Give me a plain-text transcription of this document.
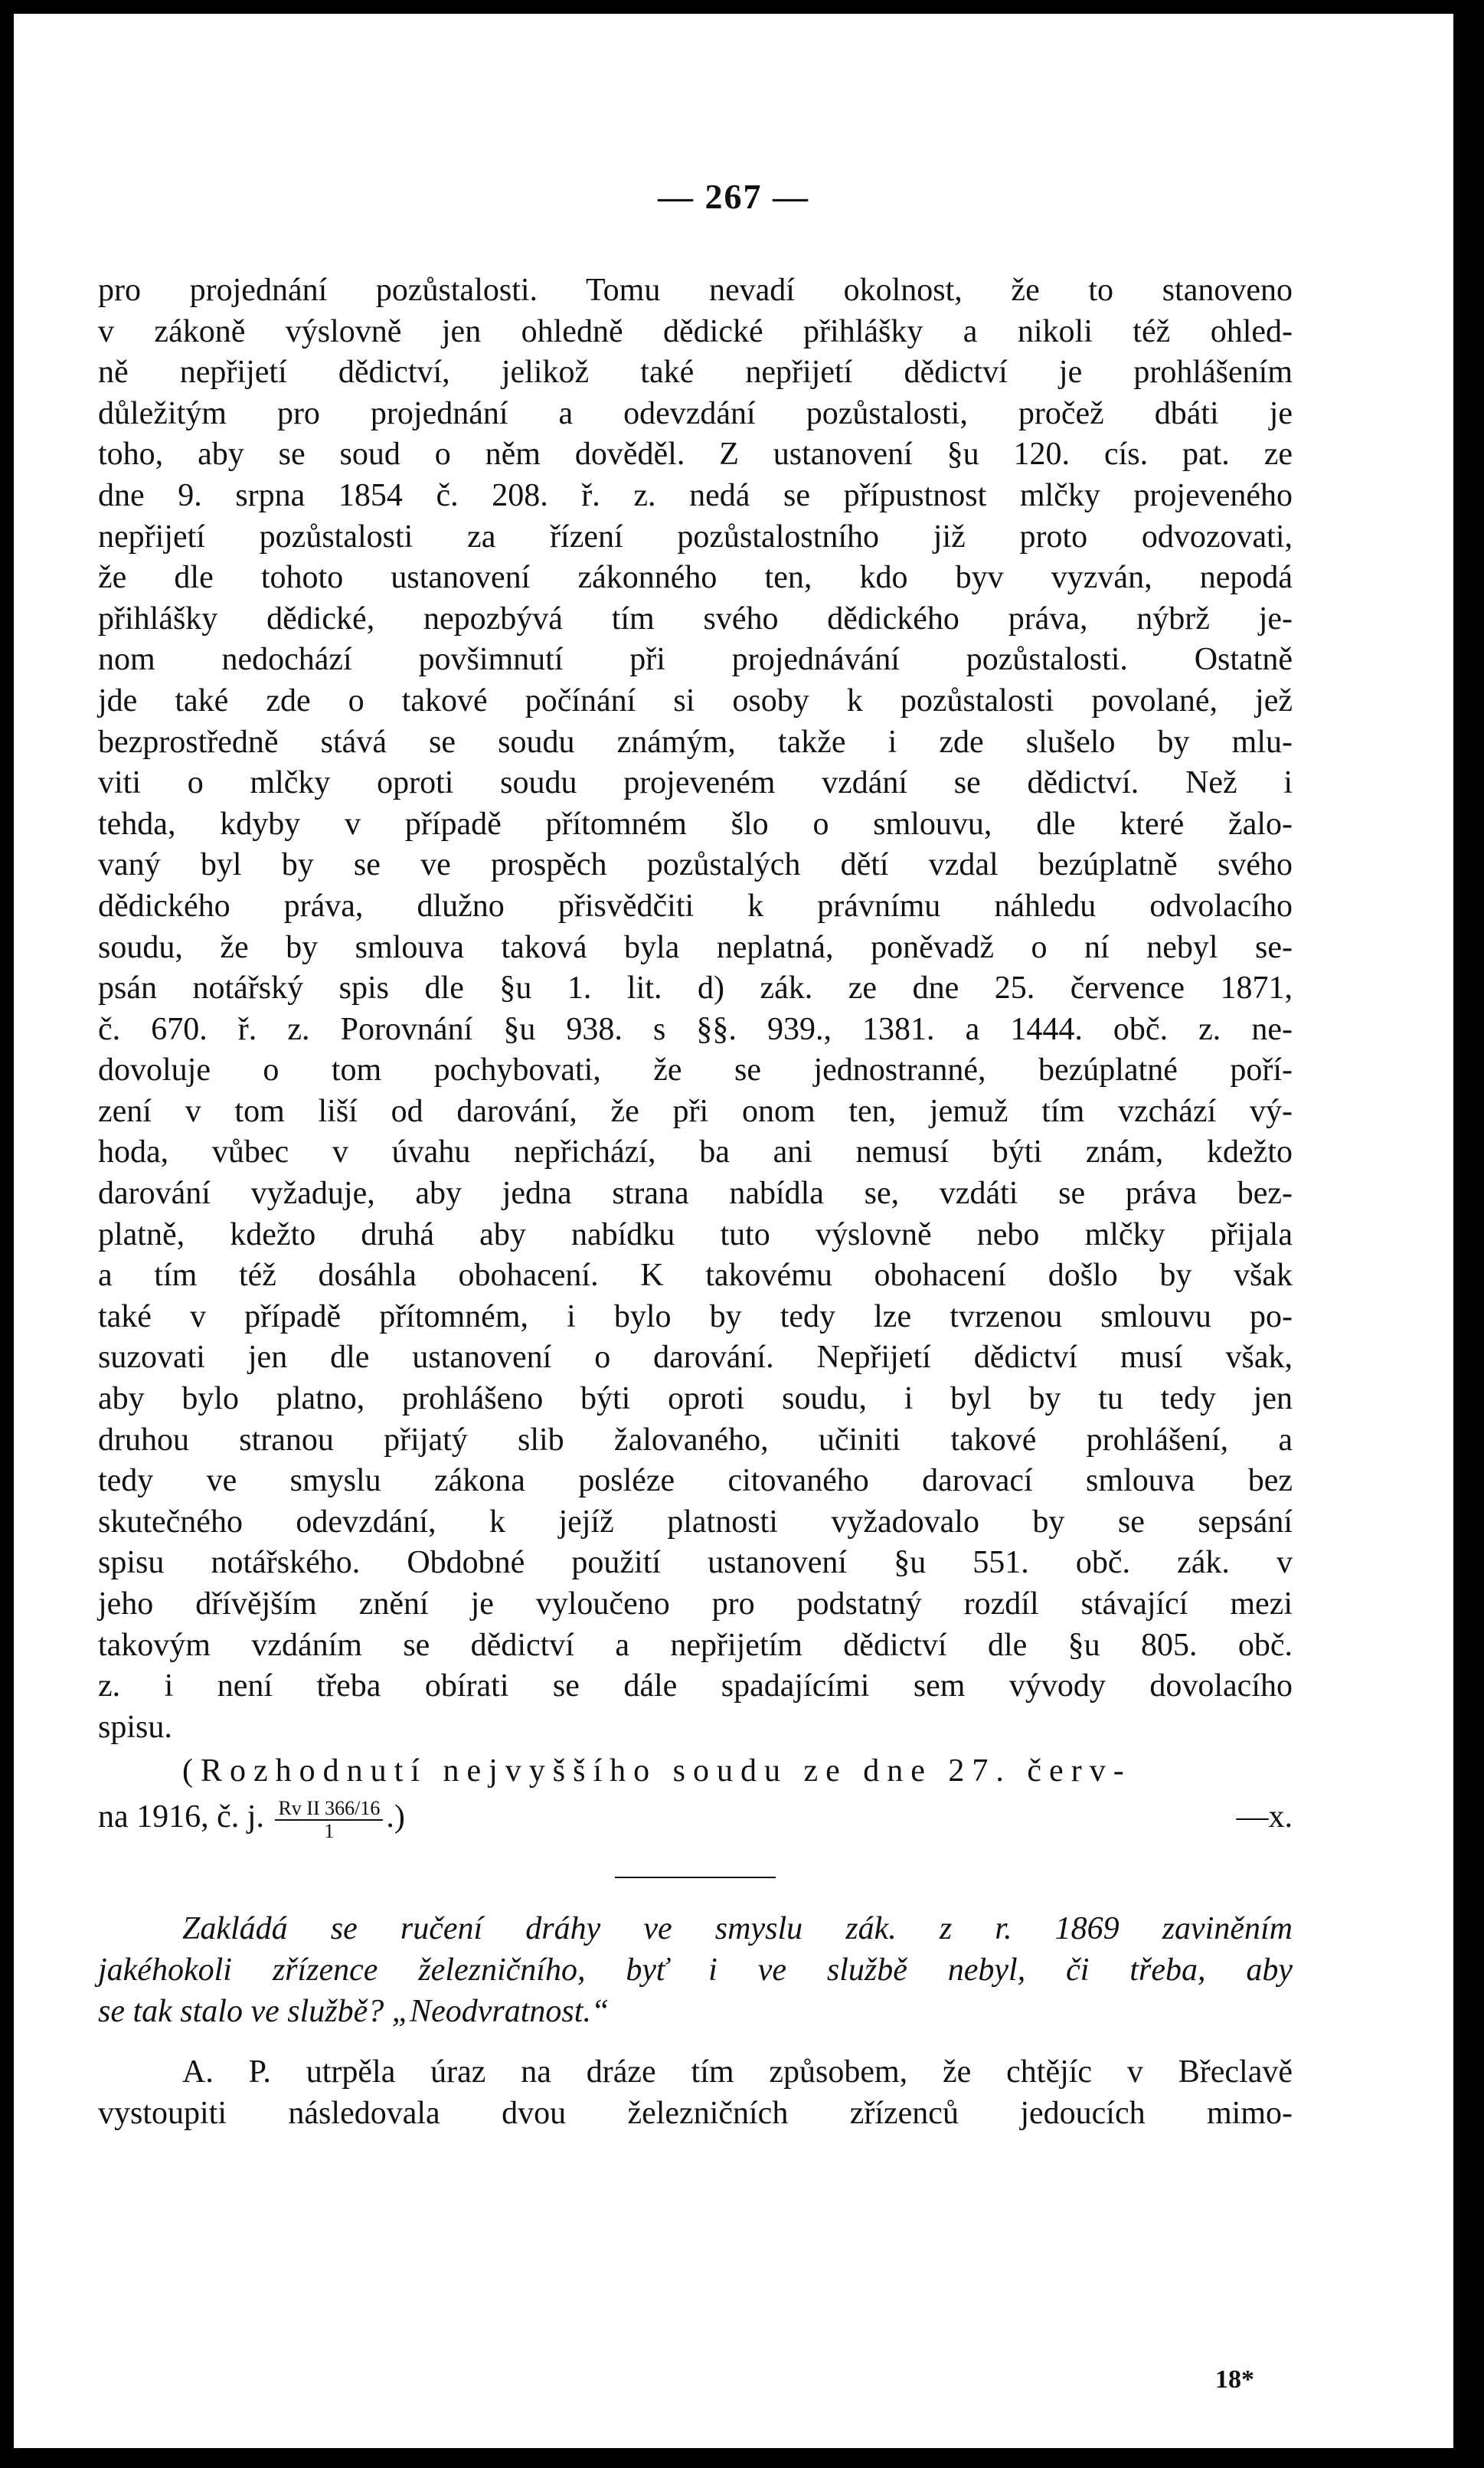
— 267 —
pro projednání pozůstalosti. Tomu nevadí okolnost, že to stanoveno
v zákoně výslovně jen ohledně dědické přihlášky a nikoli též ohled-
ně nepřijetí dědictví, jelikož také nepřijetí dědictví je prohlášením
důležitým pro projednání a odevzdání pozůstalosti, pročež dbáti je
toho, aby se soud o něm dověděl. Z ustanovení §u 120. cís. pat. ze
dne 9. srpna 1854 č. 208. ř. z. nedá se přípustnost mlčky projeveného
nepřijetí pozůstalosti za řízení pozůstalostního již proto odvozovati,
že dle tohoto ustanovení zákonného ten, kdo byv vyzván, nepodá
přihlášky dědické, nepozbývá tím svého dědického práva, nýbrž je-
nom nedochází povšimnutí při projednávání pozůstalosti. Ostatně
jde také zde o takové počínání si osoby k pozůstalosti povolané, jež
bezprostředně stává se soudu známým, takže i zde slušelo by mlu-
viti o mlčky oproti soudu projeveném vzdání se dědictví. Než i
tehda, kdyby v případě přítomném šlo o smlouvu, dle které žalo-
vaný byl by se ve prospěch pozůstalých dětí vzdal bezúplatně svého
dědického práva, dlužno přisvědčiti k právnímu náhledu odvolacího
soudu, že by smlouva taková byla neplatná, poněvadž o ní nebyl se-
psán notářský spis dle §u 1. lit. d) zák. ze dne 25. července 1871,
č. 670. ř. z. Porovnání §u 938. s §§. 939., 1381. a 1444. obč. z. ne-
dovoluje o tom pochybovati, že se jednostranné, bezúplatné poří-
zení v tom liší od darování, že při onom ten, jemuž tím vzchází vý-
hoda, vůbec v úvahu nepřichází, ba ani nemusí býti znám, kdežto
darování vyžaduje, aby jedna strana nabídla se, vzdáti se práva bez-
platně, kdežto druhá aby nabídku tuto výslovně nebo mlčky přijala
a tím též dosáhla obohacení. K takovému obohacení došlo by však
také v případě přítomném, i bylo by tedy lze tvrzenou smlouvu po-
suzovati jen dle ustanovení o darování. Nepřijetí dědictví musí však,
aby bylo platno, prohlášeno býti oproti soudu, i byl by tu tedy jen
druhou stranou přijatý slib žalovaného, učiniti takové prohlášení, a
tedy ve smyslu zákona posléze citovaného darovací smlouva bez
skutečného odevzdání, k jejíž platnosti vyžadovalo by se sepsání
spisu notářského. Obdobné použití ustanovení §u 551. obč. zák. v
jeho dřívějším znění je vyloučeno pro podstatný rozdíl stávající mezi
takovým vzdáním se dědictví a nepřijetím dědictví dle §u 805. obč.
z. i není třeba obírati se dále spadajícími sem vývody dovolacího
spisu.
(Rozhodnutí nejvyššího soudu ze dne 27. červ-
na 1916, č. j. $\frac{\text{Rv II 366/16}}{1}$ .)	—x.
Zakládá se ručení dráhy ve smyslu zák. z r. 1869 zaviněním
jakéhokoli zřízence železničního, byť i ve službě nebyl, či třeba, aby
se tak stalo ve službě? „Neodvratnost.“
A. P. utrpěla úraz na dráze tím způsobem, že chtějíc v Břeclavě
vystoupiti následovala dvou železničních zřízenců jedoucích mimo-
18*
